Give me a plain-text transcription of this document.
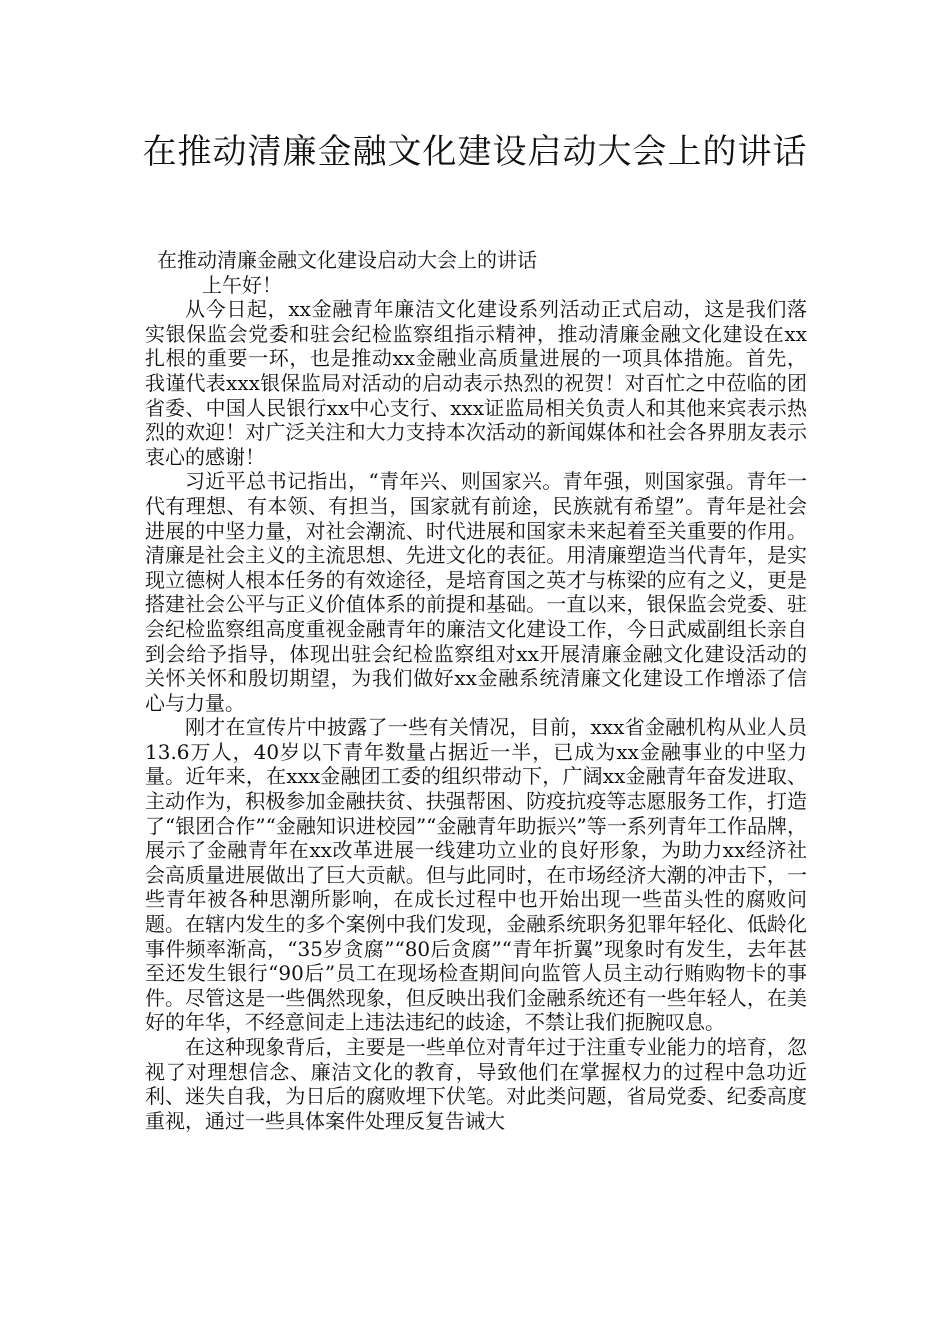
在推动清廉金融文化建设启动大会上的讲话

在推动清廉金融文化建设启动大会上的讲话

上午好！

从今日起，xx金融青年廉洁文化建设系列活动正式启动，这是我们落实银保监会党委和驻会纪检监察组指示精神，推动清廉金融文化建设在xx扎根的重要一环，也是推动xx金融业高质量进展的一项具体措施。首先，我谨代表xxx银保监局对活动的启动表示热烈的祝贺！对百忙之中莅临的团省委、中国人民银行xx中心支行、xxx证监局相关负责人和其他来宾表示热烈的欢迎！对广泛关注和大力支持本次活动的新闻媒体和社会各界朋友表示衷心的感谢！

习近平总书记指出，“青年兴、则国家兴。青年强，则国家强。青年一代有理想、有本领、有担当，国家就有前途，民族就有希望”。青年是社会进展的中坚力量，对社会潮流、时代进展和国家未来起着至关重要的作用。清廉是社会主义的主流思想、先进文化的表征。用清廉塑造当代青年，是实现立德树人根本任务的有效途径，是培育国之英才与栋梁的应有之义，更是搭建社会公平与正义价值体系的前提和基础。一直以来，银保监会党委、驻会纪检监察组高度重视金融青年的廉洁文化建设工作，今日武威副组长亲自到会给予指导，体现出驻会纪检监察组对xx开展清廉金融文化建设活动的关怀关怀和殷切期望，为我们做好xx金融系统清廉文化建设工作增添了信心与力量。

刚才在宣传片中披露了一些有关情况，目前，xxx省金融机构从业人员13.6万人，40岁以下青年数量占据近一半，已成为xx金融事业的中坚力量。近年来，在xxx金融团工委的组织带动下，广阔xx金融青年奋发进取、主动作为，积极参加金融扶贫、扶强帮困、防疫抗疫等志愿服务工作，打造了“银团合作”“金融知识进校园”“金融青年助振兴”等一系列青年工作品牌，展示了金融青年在xx改革进展一线建功立业的良好形象，为助力xx经济社会高质量进展做出了巨大贡献。但与此同时，在市场经济大潮的冲击下，一些青年被各种思潮所影响，在成长过程中也开始出现一些苗头性的腐败问题。在辖内发生的多个案例中我们发现，金融系统职务犯罪年轻化、低龄化事件频率渐高，“35岁贪腐”“80后贪腐”“青年折翼”现象时有发生，去年甚至还发生银行“90后”员工在现场检查期间向监管人员主动行贿购物卡的事件。尽管这是一些偶然现象，但反映出我们金融系统还有一些年轻人，在美好的年华，不经意间走上违法违纪的歧途，不禁让我们扼腕叹息。

在这种现象背后，主要是一些单位对青年过于注重专业能力的培育，忽视了对理想信念、廉洁文化的教育，导致他们在掌握权力的过程中急功近利、迷失自我，为日后的腐败埋下伏笔。对此类问题，省局党委、纪委高度重视，通过一些具体案件处理反复告诫大
